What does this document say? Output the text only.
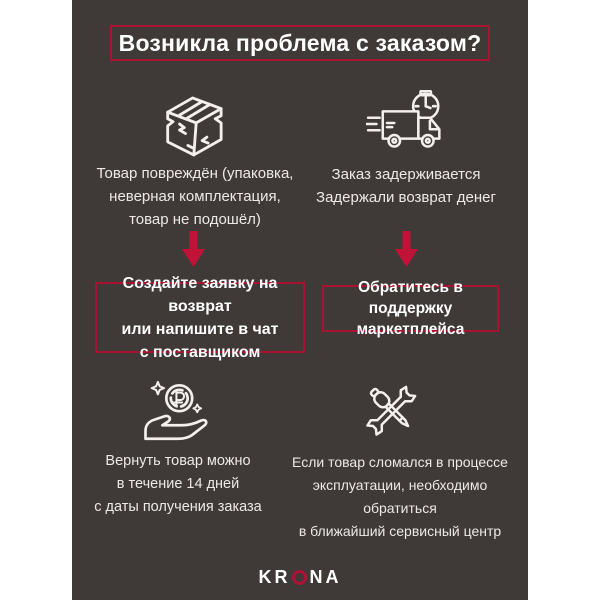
Возникла проблема с заказом?
Товар повреждён (упаковка,
неверная комплектация,
товар не подошёл)
Заказ задерживается
Задержали возврат денег
Создайте заявку на возврат
или напишите в чат
с поставщиком
Обратитесь в поддержку
маркетплейса
Вернуть товар можно
в течение 14 дней
с даты получения заказа
Если товар сломался в процессе
эксплуатации, необходимо обратиться
в ближайший сервисный центр
KR NA
